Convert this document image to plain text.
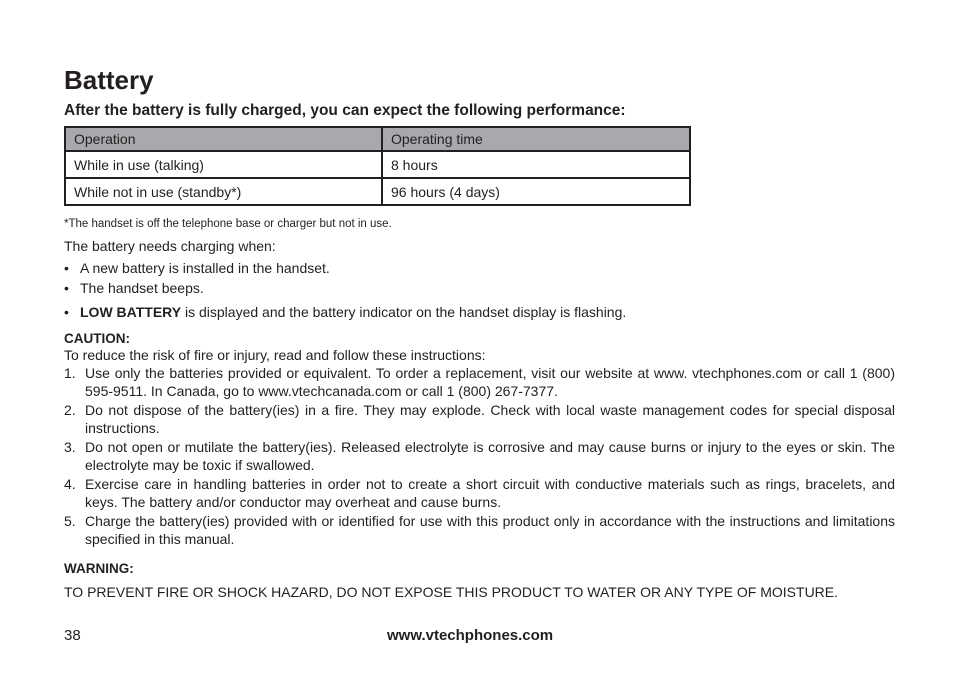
Battery
After the battery is fully charged, you can expect the following performance:
Operation	Operating time
While in use (talking)	8 hours
While not in use (standby*)	96 hours (4 days)
*The handset is off the telephone base or charger but not in use.
The battery needs charging when:
• A new battery is installed in the handset.
• The handset beeps.
• LOW BATTERY is displayed and the battery indicator on the handset display is flashing.
CAUTION:
To reduce the risk of fire or injury, read and follow these instructions:
1. Use only the batteries provided or equivalent. To order a replacement, visit our website at www. vtechphones.com or call 1 (800) 595-9511. In Canada, go to www.vtechcanada.com or call 1 (800) 267-7377.
2. Do not dispose of the battery(ies) in a fire. They may explode. Check with local waste management codes for special disposal instructions.
3. Do not open or mutilate the battery(ies). Released electrolyte is corrosive and may cause burns or injury to the eyes or skin. The electrolyte may be toxic if swallowed.
4. Exercise care in handling batteries in order not to create a short circuit with conductive materials such as rings, bracelets, and keys. The battery and/or conductor may overheat and cause burns.
5. Charge the battery(ies) provided with or identified for use with this product only in accordance with the instructions and limitations specified in this manual.
WARNING:
TO PREVENT FIRE OR SHOCK HAZARD, DO NOT EXPOSE THIS PRODUCT TO WATER OR ANY TYPE OF MOISTURE.
38	www.vtechphones.com
